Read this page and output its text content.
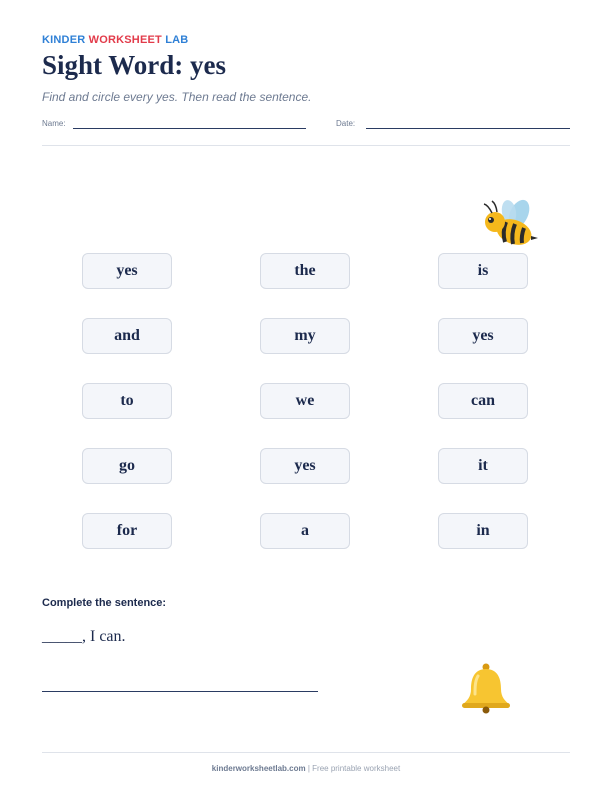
KINDER WORKSHEET LAB
Sight Word: yes
Find and circle every yes. Then read the sentence.
Name:	Date:
yes	the	is
and	my	yes
to	we	can
go	yes	it
for	a	in
Complete the sentence:
_____, I can.
kinderworksheetlab.com | Free printable worksheet
